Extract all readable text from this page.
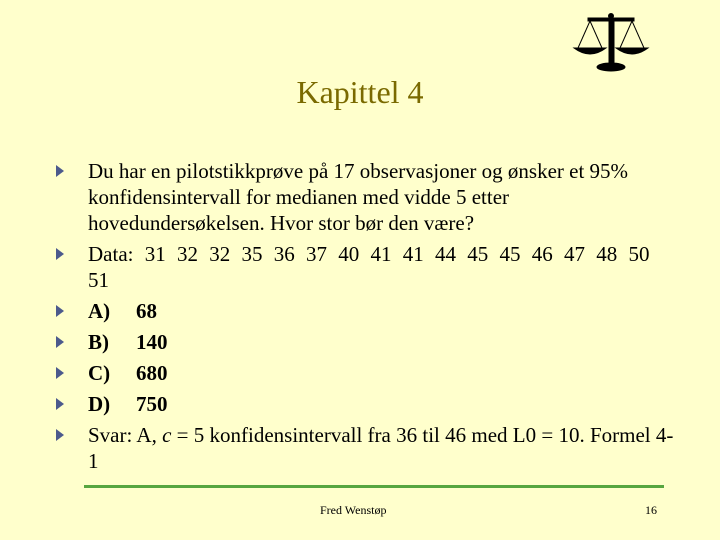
Kapittel 4
Du har en pilotstikkprøve på 17 observasjoner og ønsker et 95% konfidensintervall for medianen med vidde 5 etter hovedundersøkelsen. Hvor stor bør den være?
Data: 31 32 32 35 36 37 40 41 41 44 45 45 46 47 48 50 51
A) 68
B) 140
C) 680
D) 750
Svar: A, c = 5 konfidensintervall fra 36 til 46 med L0 = 10. Formel 4-1
Fred Wenstøp	16
